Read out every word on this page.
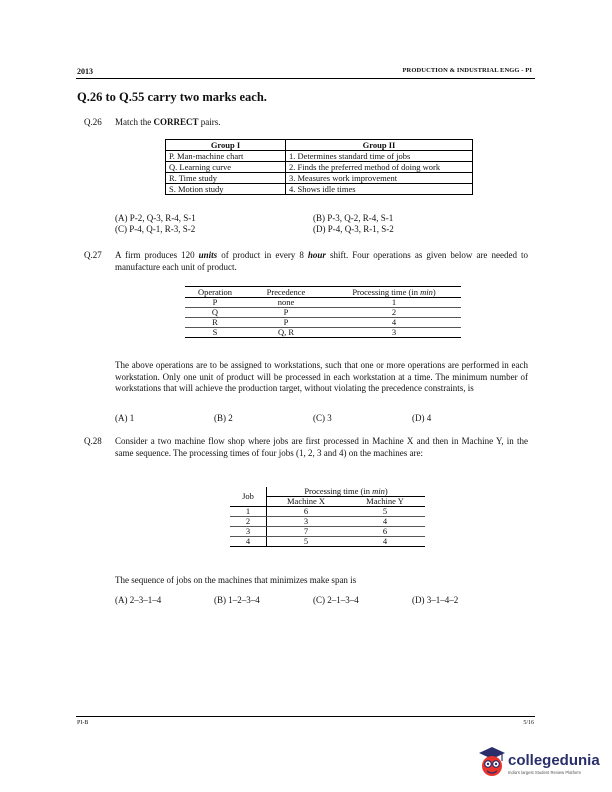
2013	PRODUCTION & INDUSTRIAL ENGG - PI
Q.26 to Q.55 carry two marks each.
Q.26 Match the CORRECT pairs.
Group I	Group II
P. Man-machine chart	1. Determines standard time of jobs
Q. Learning curve	2. Finds the preferred method of doing work
R. Time study	3. Measures work improvement
S. Motion study	4. Shows idle times
(A) P-2, Q-3, R-4, S-1	(B) P-3, Q-2, R-4, S-1
(C) P-4, Q-1, R-3, S-2	(D) P-4, Q-3, R-1, S-2
Q.27 A firm produces 120 units of product in every 8 hour shift. Four operations as given below are needed to manufacture each unit of product.
Operation	Precedence	Processing time (in min)
P	none	1
Q	P	2
R	P	4
S	Q, R	3
The above operations are to be assigned to workstations, such that one or more operations are performed in each workstation. Only one unit of product will be processed in each workstation at a time. The minimum number of workstations that will achieve the production target, without violating the precedence constraints, is
(A) 1	(B) 2	(C) 3	(D) 4
Q.28 Consider a two machine flow shop where jobs are first processed in Machine X and then in Machine Y, in the same sequence. The processing times of four jobs (1, 2, 3 and 4) on the machines are:
Job	Processing time (in min)	
	Machine X	Machine Y
1	6	5
2	3	4
3	7	6
4	5	4
The sequence of jobs on the machines that minimizes make span is
(A) 2–3–1–4	(B) 1–2–3–4	(C) 2–1–3–4	(D) 3–1–4–2
PI-B	5/16
collegedunia
India's largest Student Review Platform
